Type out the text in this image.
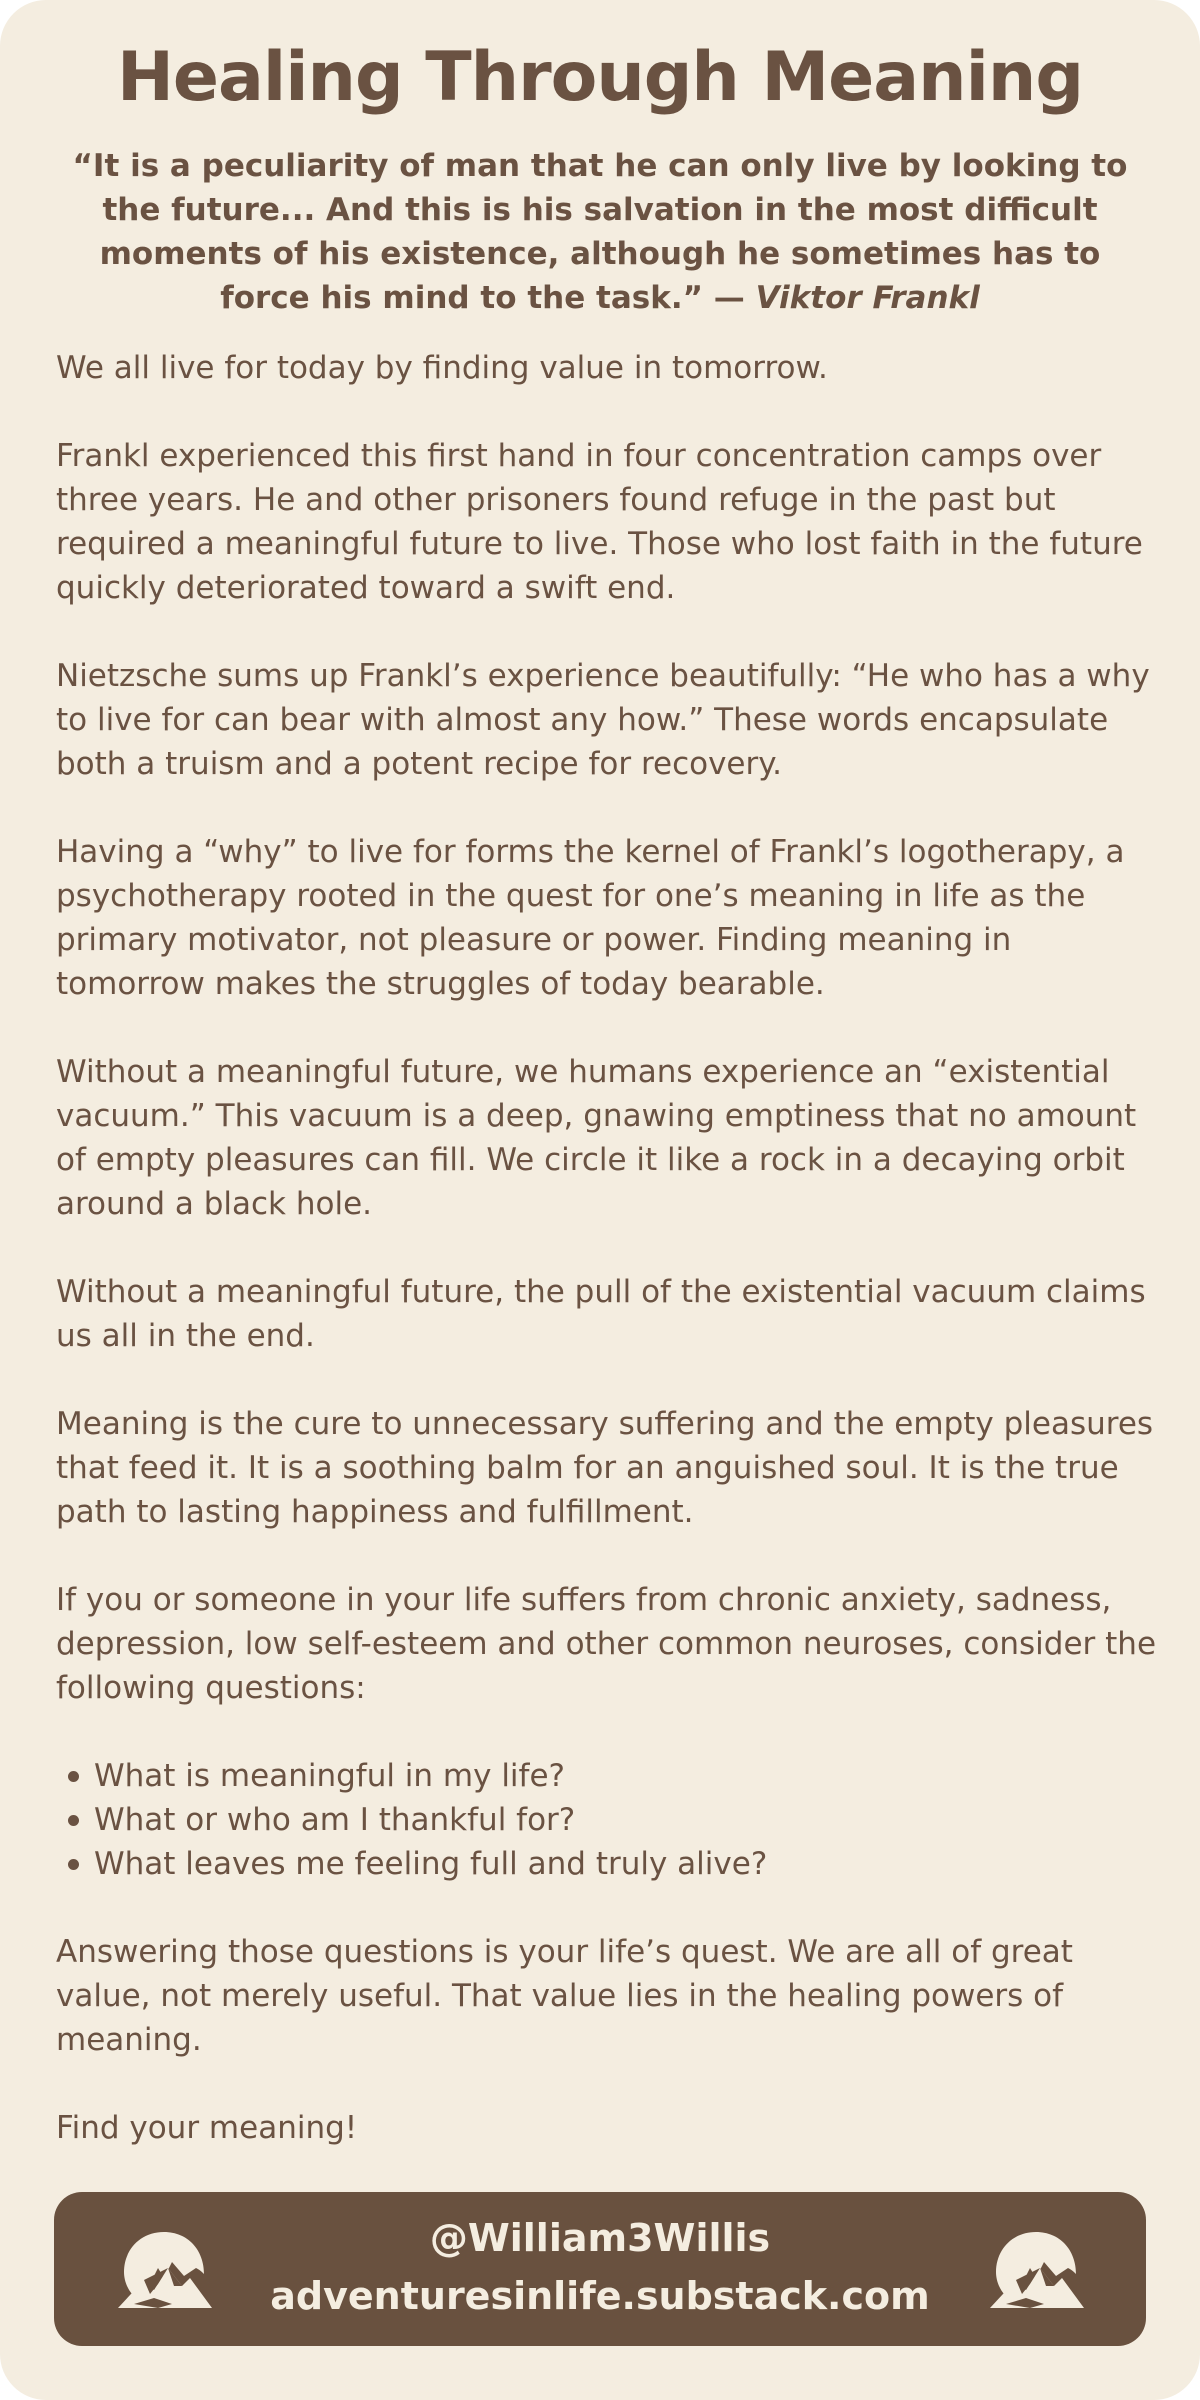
Healing Through Meaning

“It is a peculiarity of man that he can only live by looking to the future... And this is his salvation in the most difficult moments of his existence, although he sometimes has to force his mind to the task.” — Viktor Frankl

We all live for today by finding value in tomorrow.

Frankl experienced this first hand in four concentration camps over three years. He and other prisoners found refuge in the past but required a meaningful future to live. Those who lost faith in the future quickly deteriorated toward a swift end.

Nietzsche sums up Frankl’s experience beautifully: “He who has a why to live for can bear with almost any how.” These words encapsulate both a truism and a potent recipe for recovery.

Having a “why” to live for forms the kernel of Frankl’s logotherapy, a psychotherapy rooted in the quest for one’s meaning in life as the primary motivator, not pleasure or power. Finding meaning in tomorrow makes the struggles of today bearable.

Without a meaningful future, we humans experience an “existential vacuum.” This vacuum is a deep, gnawing emptiness that no amount of empty pleasures can fill. We circle it like a rock in a decaying orbit around a black hole.

Without a meaningful future, the pull of the existential vacuum claims us all in the end.

Meaning is the cure to unnecessary suffering and the empty pleasures that feed it. It is a soothing balm for an anguished soul. It is the true path to lasting happiness and fulfillment.

If you or someone in your life suffers from chronic anxiety, sadness, depression, low self-esteem and other common neuroses, consider the following questions:

What is meaningful in my life?
What or who am I thankful for?
What leaves me feeling full and truly alive?

Answering those questions is your life’s quest. We are all of great value, not merely useful. That value lies in the healing powers of meaning.

Find your meaning!

@William3Willis
adventuresinlife.substack.com
